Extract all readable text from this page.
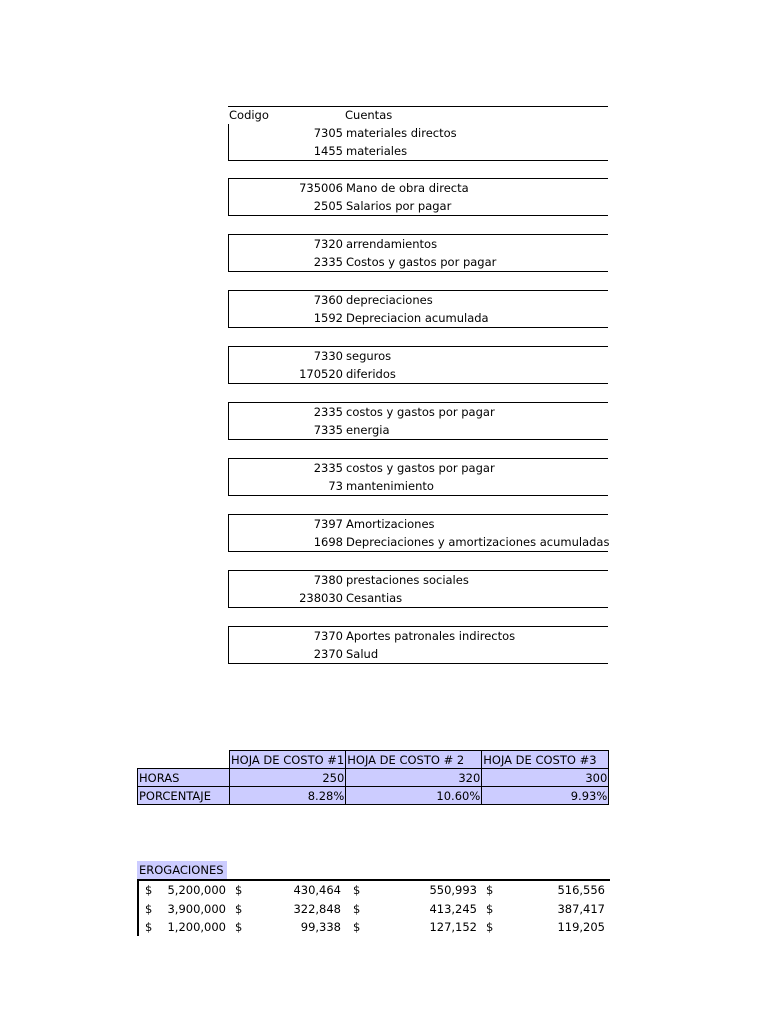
Codigo	Cuentas
7305 materiales directos
1455 materiales
735006 Mano de obra directa
2505 Salarios por pagar
7320 arrendamientos
2335 Costos y gastos por pagar
7360 depreciaciones
1592 Depreciacion acumulada
7330 seguros
170520 diferidos
2335 costos y gastos por pagar
7335 energia
2335 costos y gastos por pagar
73 mantenimiento
7397 Amortizaciones
1698 Depreciaciones y amortizaciones acumuladas
7380 prestaciones sociales
238030 Cesantias
7370 Aportes patronales indirectos
2370 Salud
	HOJA DE COSTO #1	HOJA DE COSTO # 2	HOJA DE COSTO #3
HORAS	250	320	300
PORCENTAJE	8.28%	10.60%	9.93%
EROGACIONES
$ 5,200,000 $	430,464 $	550,993 $	516,556
$ 3,900,000 $	322,848 $	413,245 $	387,417
$ 1,200,000 $	99,338 $	127,152 $	119,205
